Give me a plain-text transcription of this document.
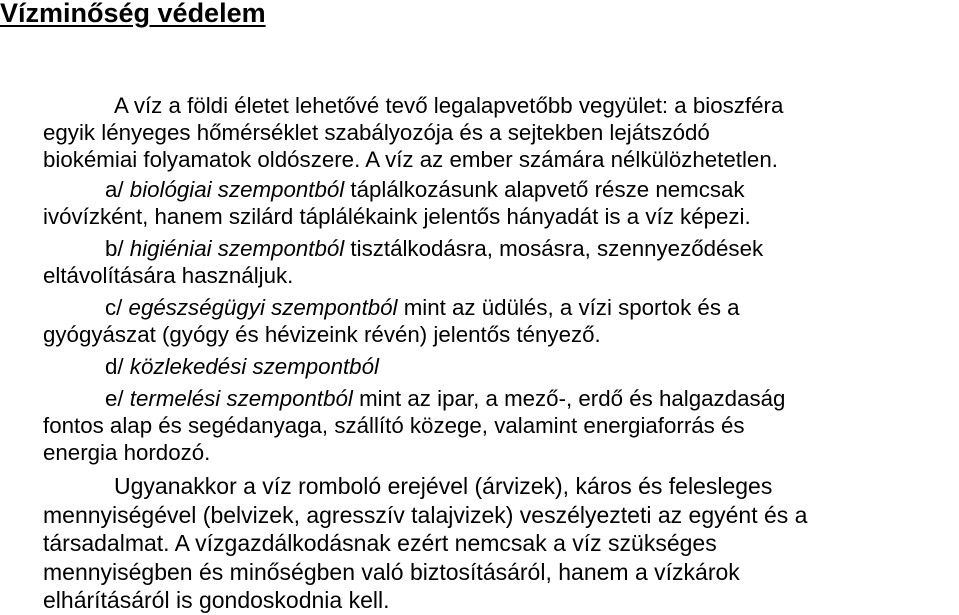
Vízminőség védelem
A víz a földi életet lehetővé tevő legalapvetőbb vegyület: a bioszféra
egyik lényeges hőmérséklet szabályozója és a sejtekben lejátszódó
biokémiai folyamatok oldószere. A víz az ember számára nélkülözhetetlen.
a/ biológiai szempontból táplálkozásunk alapvető része nemcsak
ivóvízként, hanem szilárd táplálékaink jelentős hányadát is a víz képezi.
b/ higiéniai szempontból tisztálkodásra, mosásra, szennyeződések
eltávolítására használjuk.
c/ egészségügyi szempontból mint az üdülés, a vízi sportok és a
gyógyászat (gyógy és hévizeink révén) jelentős tényező.
d/ közlekedési szempontból
e/ termelési szempontból mint az ipar, a mező-, erdő és halgazdaság
fontos alap és segédanyaga, szállító közege, valamint energiaforrás és
energia hordozó.
Ugyanakkor a víz romboló erejével (árvizek), káros és felesleges
mennyiségével (belvizek, agresszív talajvizek) veszélyezteti az egyént és a
társadalmat. A vízgazdálkodásnak ezért nemcsak a víz szükséges
mennyiségben és minőségben való biztosításáról, hanem a vízkárok
elhárításáról is gondoskodnia kell.
